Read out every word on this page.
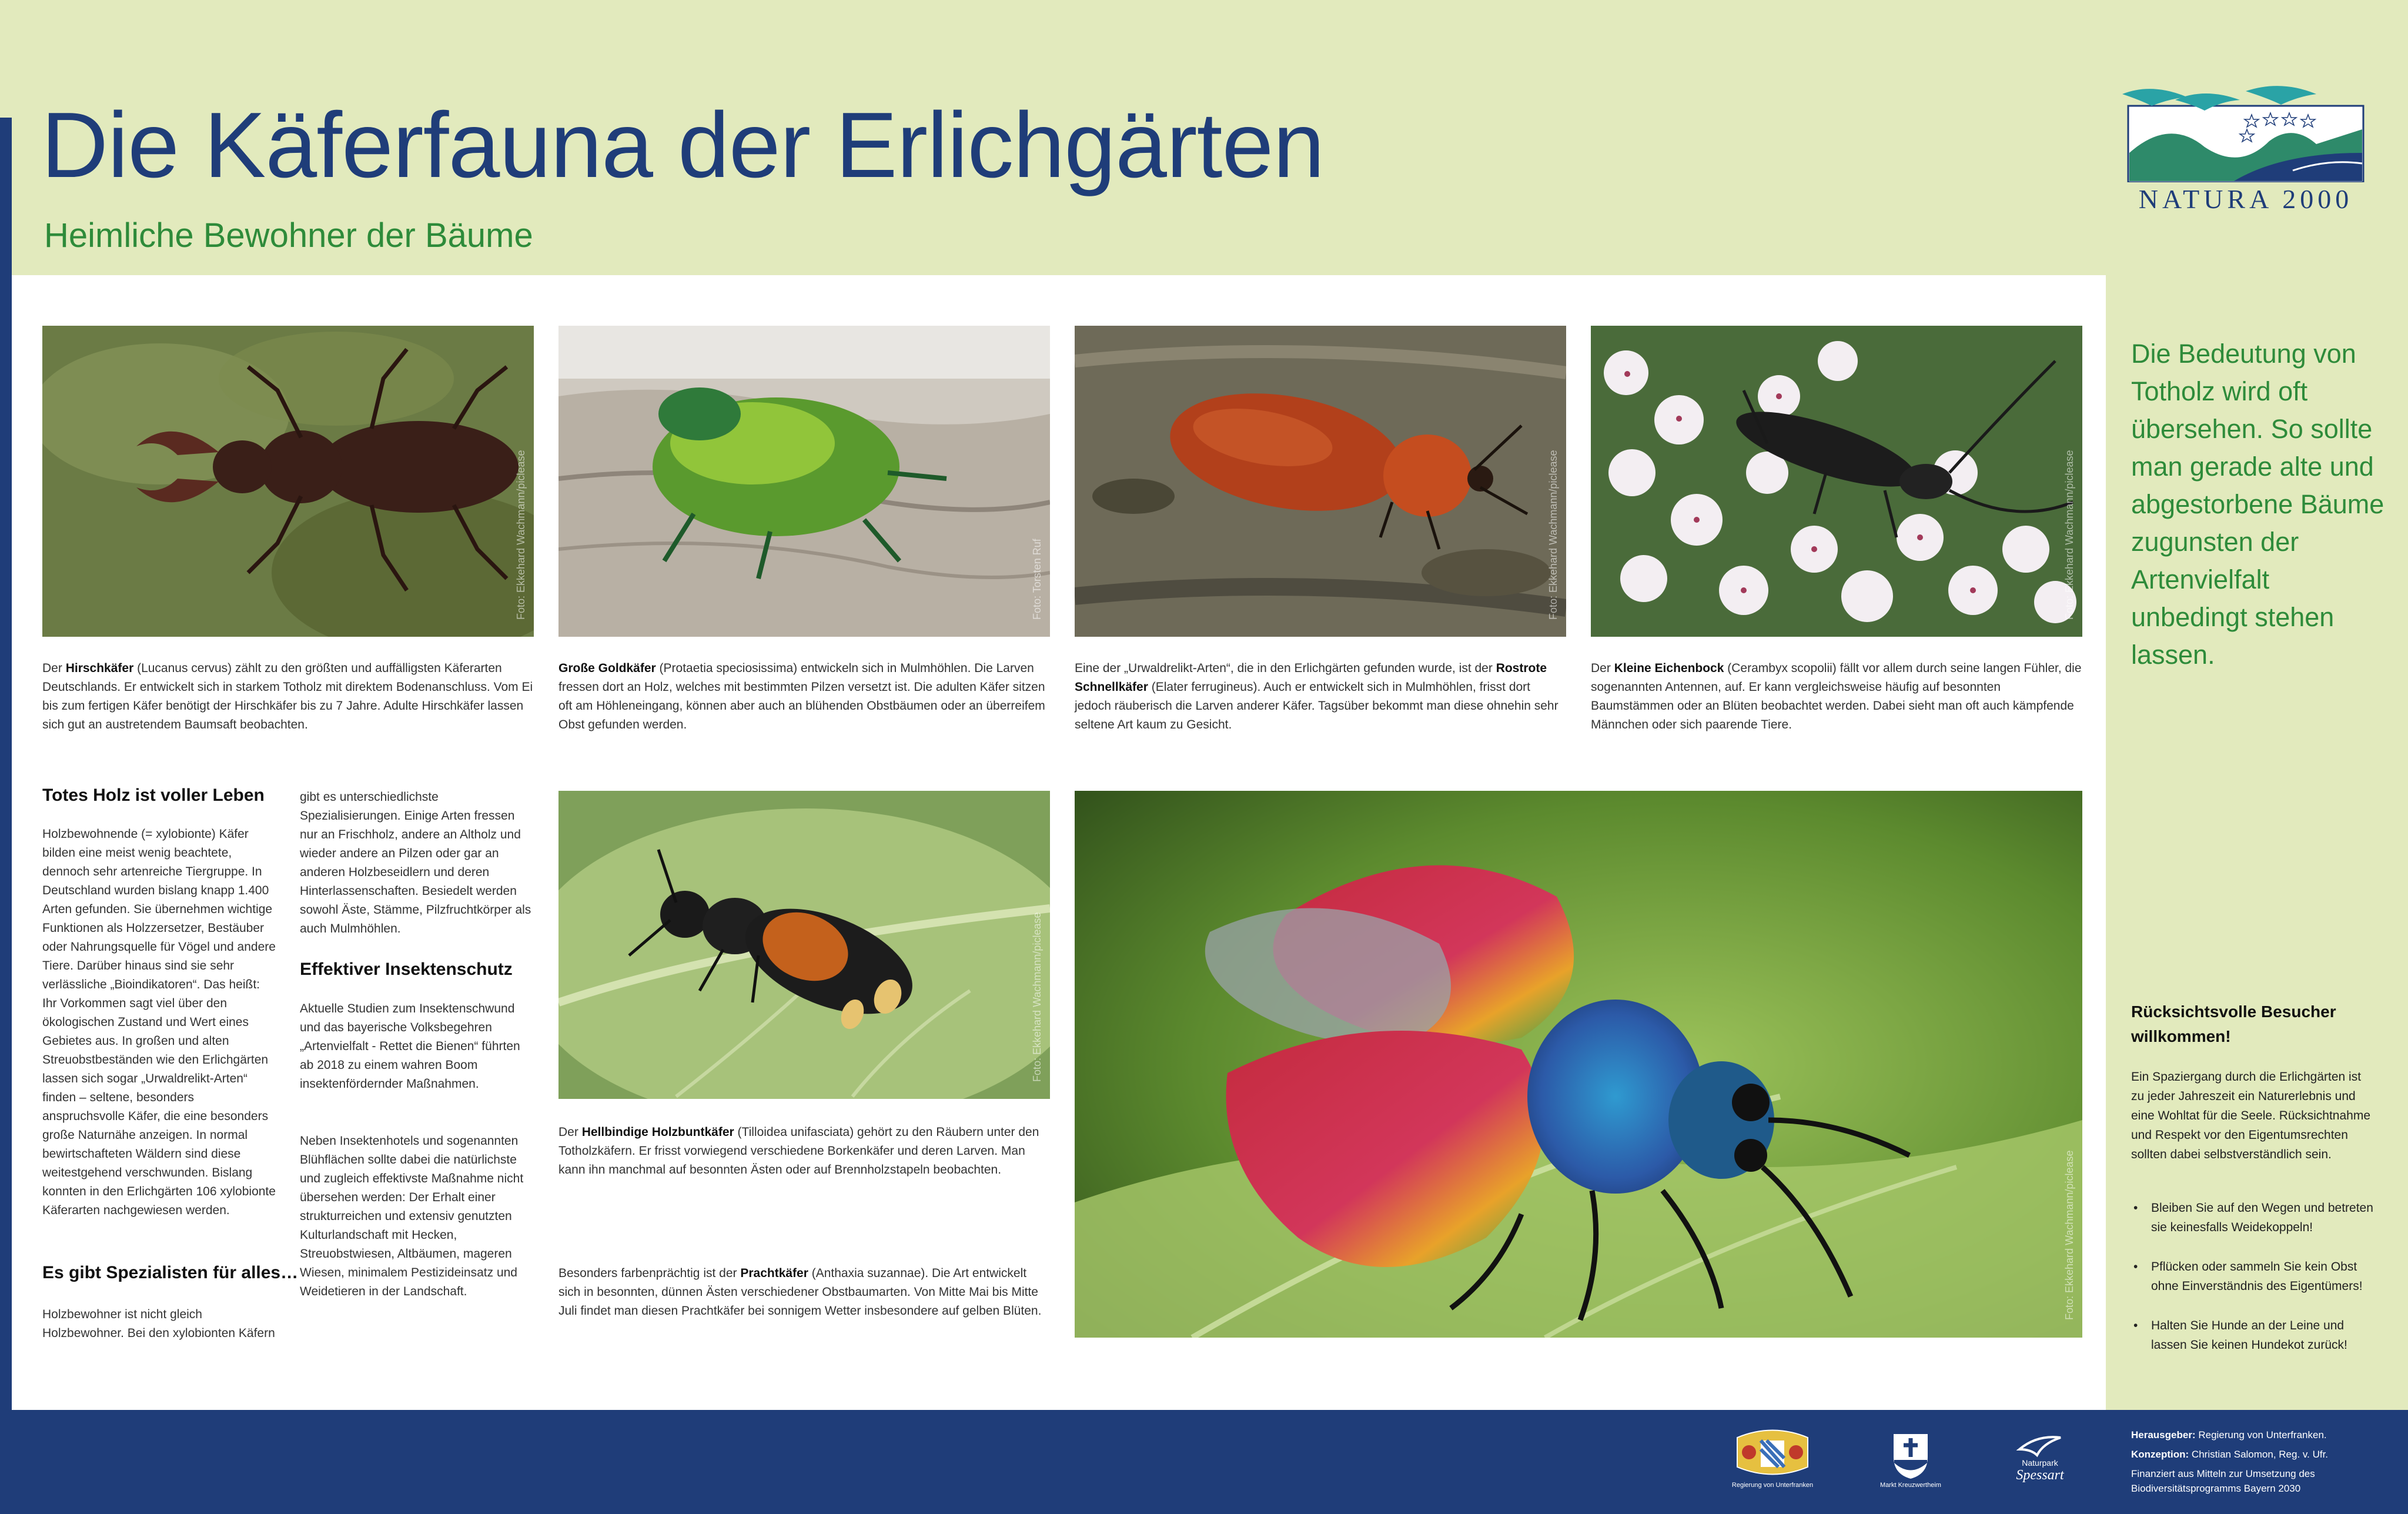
Die Käferfauna der Erlichgärten
Heimliche Bewohner der Bäume
NATURA 2000
Foto: Ekkehard Wachmann/picl​ease	Foto: Torsten Ruf	Foto: Ekkehard Wachmann/piclease	Foto: Ekkehard Wachmann/piclease
Der Hirschkäfer (Lucanus cervus) zählt zu den größten und auffälligsten Käferarten Deutschlands. Er entwickelt sich in starkem Totholz mit direktem Bodenanschluss. Vom Ei bis zum fertigen Käfer benötigt der Hirschkäfer bis zu 7 Jahre. Adulte Hirschkäfer lassen sich gut an austretendem Baumsaft beobachten.
Große Goldkäfer (Protaetia speciosissima) entwickeln sich in Mulmhöhlen. Die Larven fressen dort an Holz, welches mit bestimmten Pilzen versetzt ist. Die adulten Käfer sitzen oft am Höhleneingang, können aber auch an blühenden Obstbäumen oder an überreifem Obst gefunden werden.
Eine der „Urwaldrelikt-Arten“, die in den Erlichgärten gefunden wurde, ist der Rostrote Schnellkäfer (Elater ferrugineus). Auch er entwickelt sich in Mulmhöhlen, frisst dort jedoch räuberisch die Larven anderer Käfer. Tagsüber bekommt man diese ohnehin sehr seltene Art kaum zu Gesicht.
Der Kleine Eichenbock (Cerambyx scopolii) fällt vor allem durch seine langen Fühler, die sogenannten Antennen, auf. Er kann vergleichsweise häufig auf besonnten Baumstämmen oder an Blüten beobachtet werden. Dabei sieht man oft auch kämpfende Männchen oder sich paarende Tiere.
Totes Holz ist voller Leben
Holzbewohnende (= xylobionte) Käfer bilden eine meist wenig beachtete, dennoch sehr artenreiche Tiergruppe. In Deutschland wurden bislang knapp 1.400 Arten gefunden. Sie übernehmen wichtige Funktionen als Holzzersetzer, Bestäuber oder Nahrungsquelle für Vögel und andere Tiere. Darüber hinaus sind sie sehr verlässliche „Bioindikatoren“. Das heißt: Ihr Vorkommen sagt viel über den ökologischen Zustand und Wert eines Gebietes aus. In großen und alten Streuobstbeständen wie den Erlichgärten lassen sich sogar „Urwaldrelikt-Arten“ finden – seltene, besonders anspruchsvolle Käfer, die eine besonders große Naturnähe anzeigen. In normal bewirtschafteten Wäldern sind diese weitestgehend verschwunden. Bislang konnten in den Erlichgärten 106 xylobionte Käferarten nachgewiesen werden.
Es gibt Spezialisten für alles…
Holzbewohner ist nicht gleich Holzbewohner. Bei den xylobionten Käfern
gibt es unterschiedlichste Spezialisierungen. Einige Arten fressen nur an Frischholz, andere an Altholz und wieder andere an Pilzen oder gar an anderen Holzbeseidlern und deren Hinterlassenschaften. Besiedelt werden sowohl Äste, Stämme, Pilzfruchtkörper als auch Mulmhöhlen.
Effektiver Insektenschutz
Aktuelle Studien zum Insektenschwund und das bayerische Volksbegehren „Artenvielfalt - Rettet die Bienen“ führten ab 2018 zu einem wahren Boom insektenfördernder Maßnahmen.
Neben Insektenhotels und sogenannten Blühflächen sollte dabei die natürlichste und zugleich effektivste Maßnahme nicht übersehen werden: Der Erhalt einer strukturreichen und extensiv genutzten Kulturlandschaft mit Hecken, Streuobstwiesen, Altbäumen, mageren Wiesen, minimalem Pestizideinsatz und Weidetieren in der Landschaft.
Foto: Ekkehard Wachmann/piclease
Foto: Ekkehard Wachmann/piclease
Der Hellbindige Holzbuntkäfer (Tilloidea unifasciata) gehört zu den Räubern unter den Totholzkäfern. Er frisst vorwiegend verschiedene Borkenkäfer und deren Larven. Man kann ihn manchmal auf besonnten Ästen oder auf Brennholzstapeln beobachten.
Besonders farbenprächtig ist der Prachtkäfer (Anthaxia suzannae). Die Art entwickelt sich in besonnten, dünnen Ästen verschiedener Obstbaumarten. Von Mitte Mai bis Mitte Juli findet man diesen Prachtkäfer bei sonnigem Wetter insbesondere auf gelben Blüten.
Die Bedeutung von Totholz wird oft übersehen. So sollte man gerade alte und abgestorbene Bäume zugunsten der Artenvielfalt unbedingt stehen lassen.
Rücksichtsvolle Besucher willkommen!
Ein Spaziergang durch die Erlichgärten ist zu jeder Jahreszeit ein Naturerlebnis und eine Wohltat für die Seele. Rücksichtnahme und Respekt vor den Eigentumsrechten sollten dabei selbstverständlich sein.
• Bleiben Sie auf den Wegen und betreten sie keinesfalls Weidekoppeln!
• Pflücken oder sammeln Sie kein Obst ohne Einverständnis des Eigentümers!
• Halten Sie Hunde an der Leine und lassen Sie keinen Hundekot zurück!
Regierung von Unterfranken	Markt Kreuzwertheim
Naturpark
Spessart
Herausgeber: Regierung von Unterfranken.
Konzeption: Christian Salomon, Reg. v. Ufr.
Finanziert aus Mitteln zur Umsetzung des Biodiversitätsprogramms Bayern 2030
